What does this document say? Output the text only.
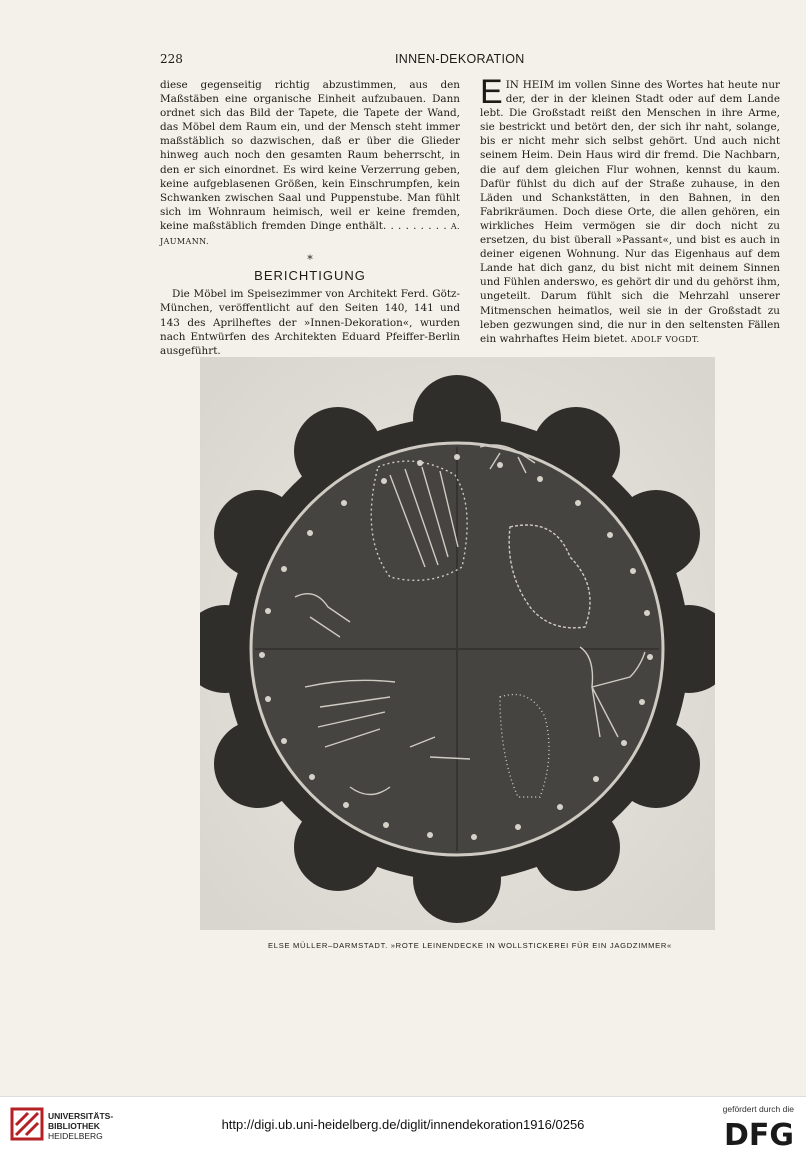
228	INNEN-DEKORATION

diese gegenseitig richtig abzustimmen, aus den Maßstäben eine organische Einheit aufzubauen. Dann ordnet sich das Bild der Tapete, die Tapete der Wand, das Möbel dem Raum ein, und der Mensch steht immer maßstäblich so dazwischen, daß er über die Glieder hinweg auch noch den gesamten Raum beherrscht, in den er sich einordnet. Es wird keine Verzerrung geben, keine aufgeblasenen Größen, kein Einschrumpfen, kein Schwanken zwischen Saal und Puppenstube. Man fühlt sich im Wohnraum heimisch, weil er keine fremden, keine maßstäblich fremden Dinge enthält. . . . . . . . . A. JAUMANN.

*
BERICHTIGUNG

Die Möbel im Speisezimmer von Architekt Ferd. Götz-München, veröffentlicht auf den Seiten 140, 141 und 143 des Aprilheftes der »Innen-Dekoration«, wurden nach Entwürfen des Architekten Eduard Pfeiffer-Berlin ausgeführt.

EIN HEIM im vollen Sinne des Wortes hat heute nur der, der in der kleinen Stadt oder auf dem Lande lebt. Die Großstadt reißt den Menschen in ihre Arme, sie bestrickt und betört den, der sich ihr naht, solange, bis er nicht mehr sich selbst gehört. Und auch nicht seinem Heim. Dein Haus wird dir fremd. Die Nachbarn, die auf dem gleichen Flur wohnen, kennst du kaum. Dafür fühlst du dich auf der Straße zuhause, in den Läden und Schankstätten, in den Bahnen, in den Fabrikräumen. Doch diese Orte, die allen gehören, ein wirkliches Heim vermögen sie dir doch nicht zu ersetzen, du bist überall »Passant«, und bist es auch in deiner eigenen Wohnung. Nur das Eigenhaus auf dem Lande hat dich ganz, du bist nicht mit deinem Sinnen und Fühlen anderswo, es gehört dir und du gehörst ihm, ungeteilt. Darum fühlt sich die Mehrzahl unserer Mitmenschen heimatlos, weil sie in der Großstadt zu leben gezwungen sind, die nur in den seltensten Fällen ein wahrhaftes Heim bietet. ADOLF VOGDT.

ELSE MÜLLER–DARMSTADT. »ROTE LEINENDECKE IN WOLLSTICKEREI FÜR EIN JAGDZIMMER«
UNIVERSITÄTS-
BIBLIOTHEK
HEIDELBERG
http://digi.ub.uni-heidelberg.de/diglit/innendekoration1916/0256
gefördert durch die
DFG
